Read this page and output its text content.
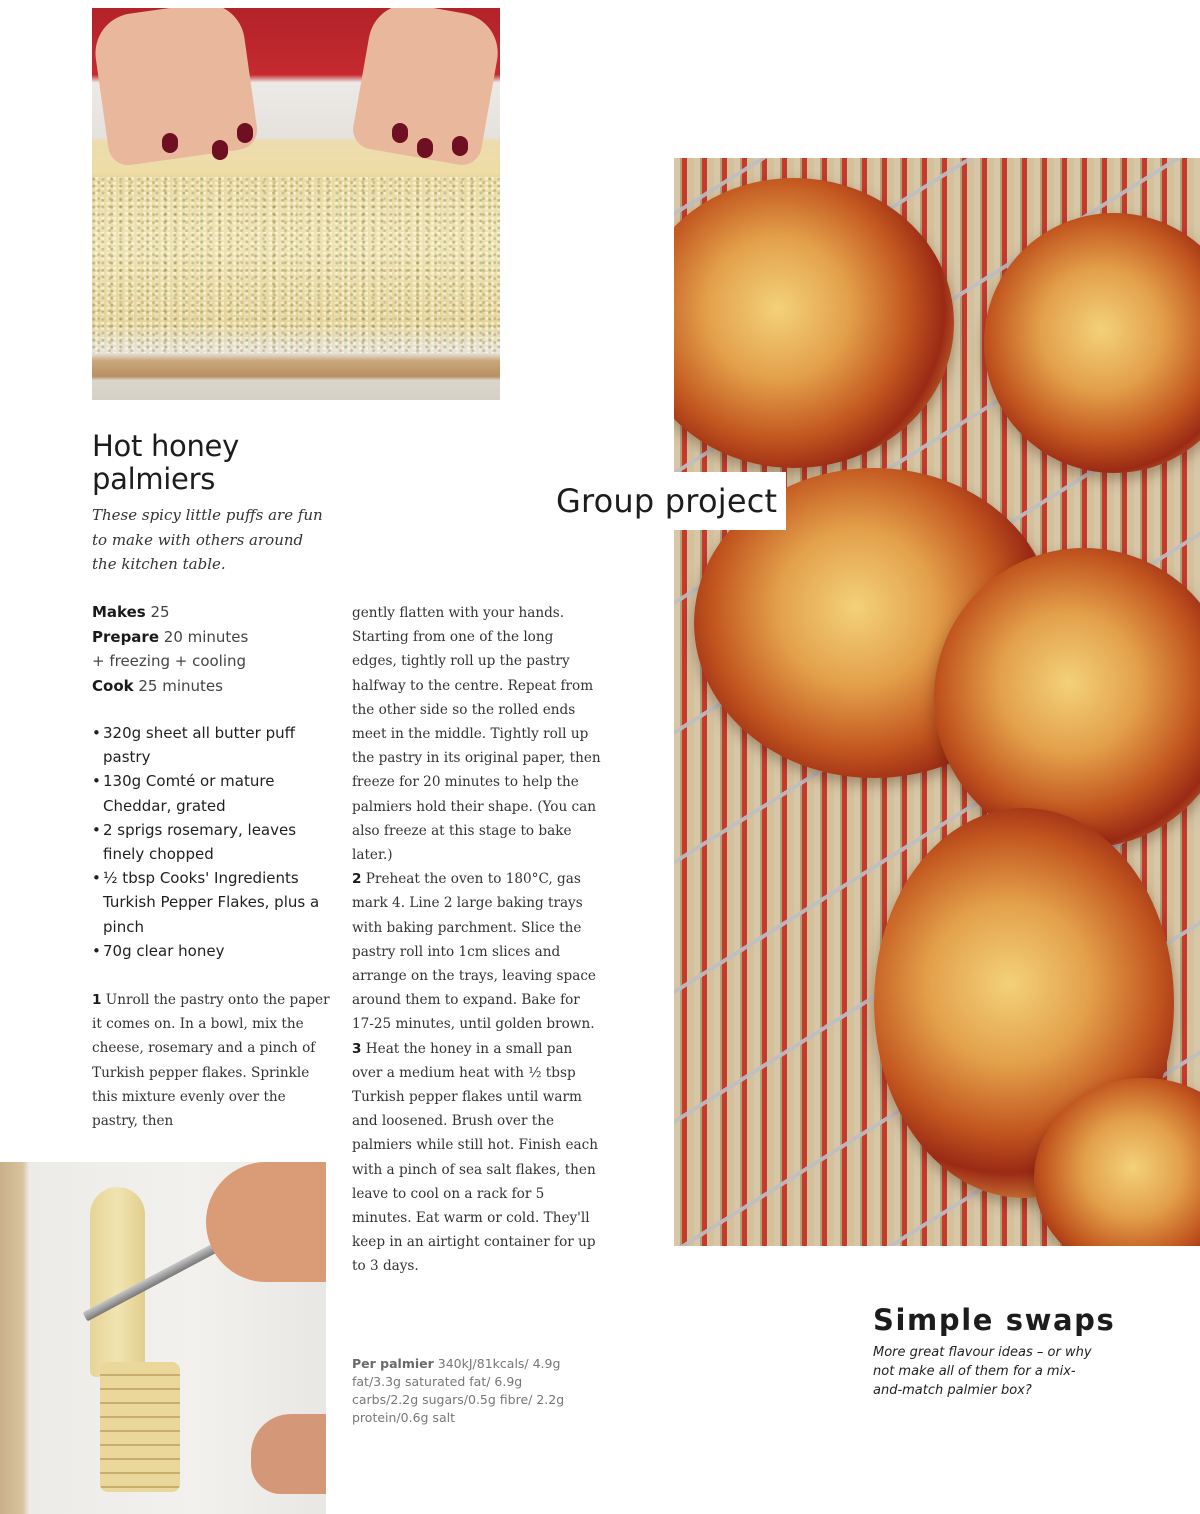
Hot honey
palmiers

These spicy little puffs are fun to make with others around the kitchen table.

Makes 25
Prepare 20 minutes
+ freezing + cooling
Cook 25 minutes
• 320g sheet all butter puff pastry
• 130g Comté or mature Cheddar, grated
• 2 sprigs rosemary, leaves finely chopped
• ½ tbsp Cooks' Ingredients Turkish Pepper Flakes, plus a pinch
• 70g clear honey

1 Unroll the pastry onto the paper it comes on. In a bowl, mix the cheese, rosemary and a pinch of Turkish pepper flakes. Sprinkle this mixture evenly over the pastry, then

gently flatten with your hands. Starting from one of the long edges, tightly roll up the pastry halfway to the centre. Repeat from the other side so the rolled ends meet in the middle. Tightly roll up the pastry in its original paper, then freeze for 20 minutes to help the palmiers hold their shape. (You can also freeze at this stage to bake later.)

2 Preheat the oven to 180°C, gas mark 4. Line 2 large baking trays with baking parchment. Slice the pastry roll into 1cm slices and arrange on the trays, leaving space around them to expand. Bake for 17-25 minutes, until golden brown.

3 Heat the honey in a small pan over a medium heat with ½ tbsp Turkish pepper flakes until warm and loosened. Brush over the palmiers while still hot. Finish each with a pinch of sea salt flakes, then leave to cool on a rack for 5 minutes. Eat warm or cold. They'll keep in an airtight container for up to 3 days.

Per palmier 340kJ/81kcals/ 4.9g fat/3.3g saturated fat/ 6.9g carbs/2.2g sugars/0.5g fibre/ 2.2g protein/0.6g salt

Group project
Simple swaps

More great flavour ideas – or why not make all of them for a mix-and-match palmier box?
